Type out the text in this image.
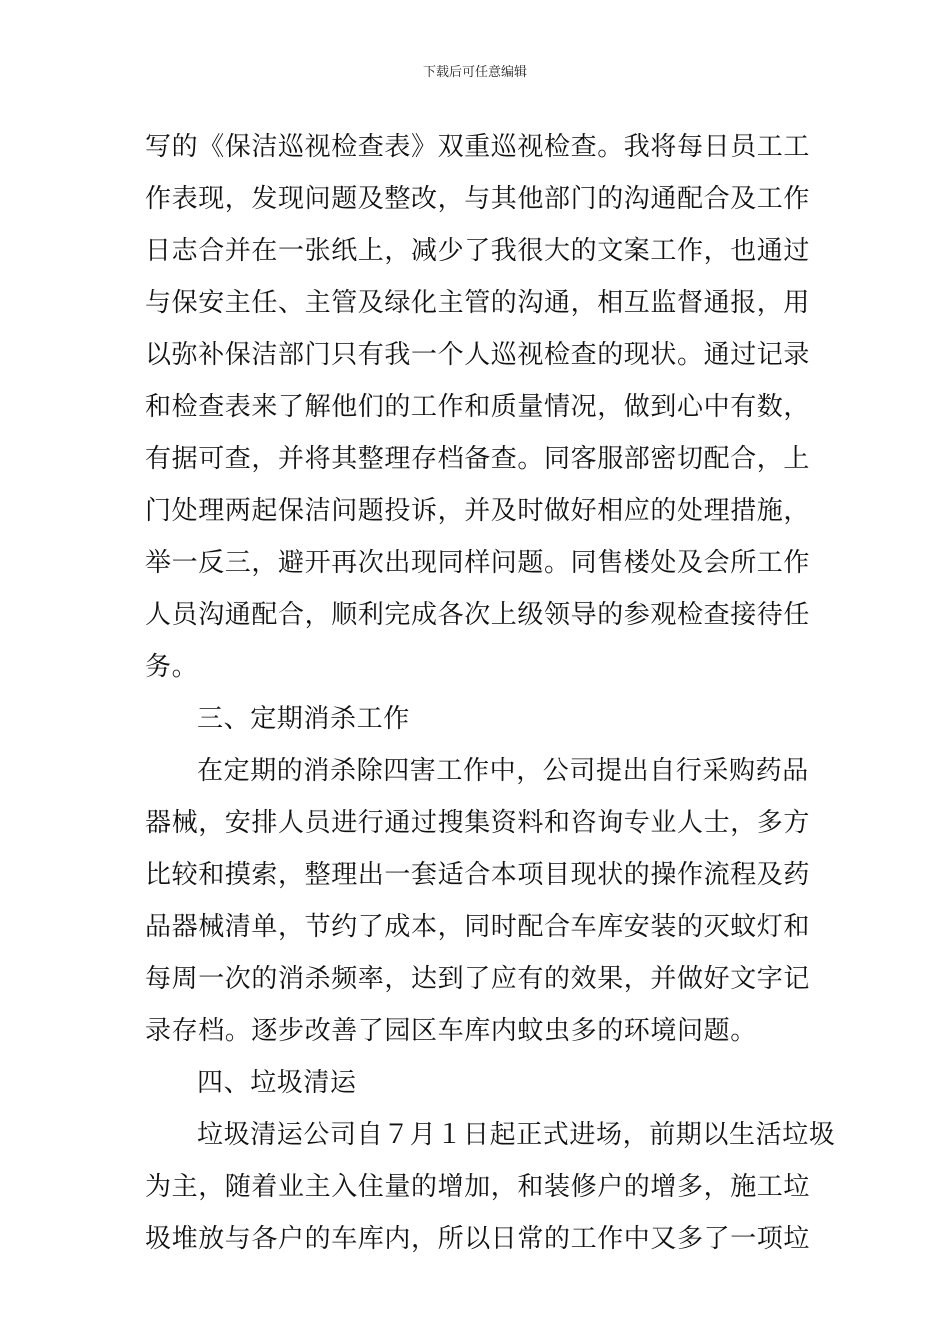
下载后可任意编辑
写的《保洁巡视检查表》双重巡视检查。我将每日员工工
作表现，发现问题及整改，与其他部门的沟通配合及工作
日志合并在一张纸上，减少了我很大的文案工作，也通过
与保安主任、主管及绿化主管的沟通，相互监督通报，用
以弥补保洁部门只有我一个人巡视检查的现状。通过记录
和检查表来了解他们的工作和质量情况，做到心中有数，
有据可查，并将其整理存档备查。同客服部密切配合，上
门处理两起保洁问题投诉，并及时做好相应的处理措施，
举一反三，避开再次出现同样问题。同售楼处及会所工作
人员沟通配合，顺利完成各次上级领导的参观检查接待任
务。
三、定期消杀工作
在定期的消杀除四害工作中，公司提出自行采购药品
器械，安排人员进行通过搜集资料和咨询专业人士，多方
比较和摸索，整理出一套适合本项目现状的操作流程及药
品器械清单，节约了成本，同时配合车库安装的灭蚊灯和
每周一次的消杀频率，达到了应有的效果，并做好文字记
录存档。逐步改善了园区车库内蚊虫多的环境问题。
四、垃圾清运
垃圾清运公司自７月１日起正式进场，前期以生活垃圾
为主，随着业主入住量的增加，和装修户的增多，施工垃
圾堆放与各户的车库内，所以日常的工作中又多了一项垃
